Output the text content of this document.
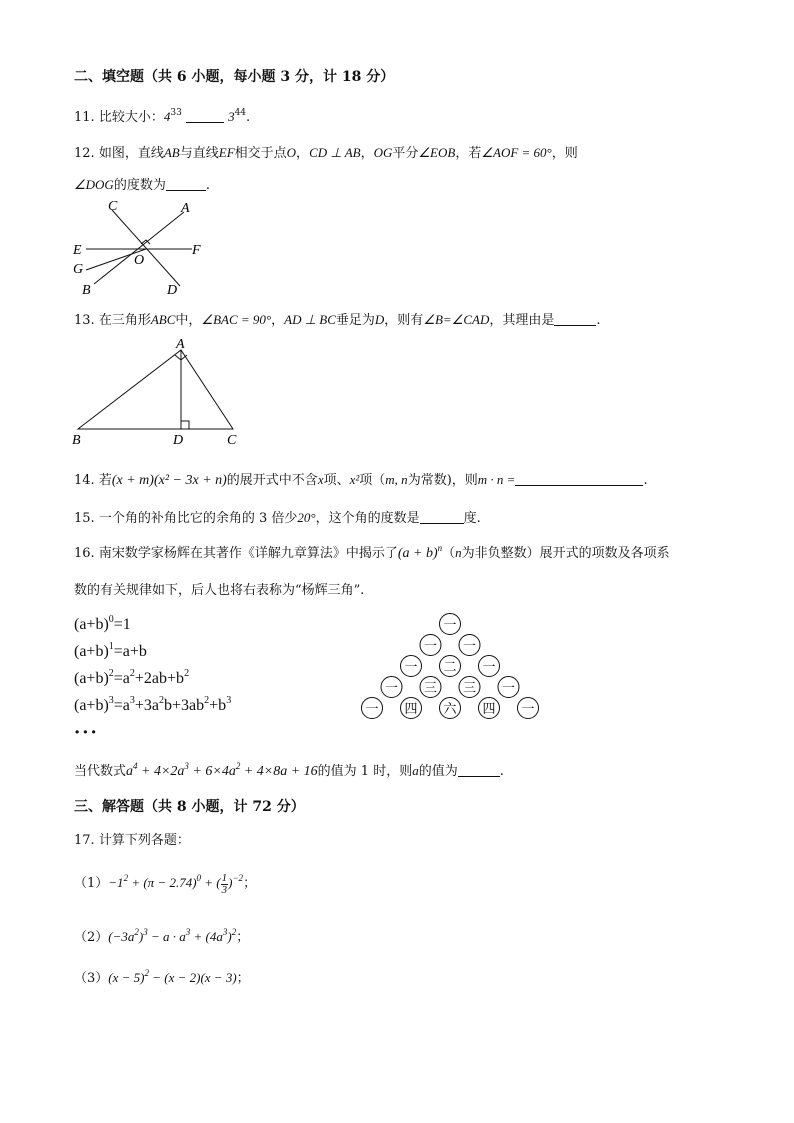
二、填空题（共 6 小题，每小题 3 分，计 18 分）
11. 比较大小：$4^{33}$	$3^{44}$.
12. 如图，直线AB与直线EF相交于点O，CD ⊥ AB，OG平分∠EOB，若∠AOF = 60°，则
∠DOG的度数为	.
C	A
E	F
G
O
B	D
13. 在三角形ABC中，∠BAC = 90°，AD ⊥ BC垂足为D，则有∠B=∠CAD，其理由是	.
A
B	D	C
14. 若(x + m)(x² − 3x + n)的展开式中不含x项、x²项（m, n为常数)，则m · n =	.
15. 一个角的补角比它的余角的 3 倍少20°，这个角的度数是	度.
16. 南宋数学家杨辉在其著作《详解九章算法》中揭示了$(a + b)^n(n$为非负整数）展开式的项数及各项系
数的有关规律如下，后人也将右表称为“杨辉三角”.
$(a+b)^0=1$
$(a+b)^1=a+b$
$(a+b)^2=a^2+2ab+b^2$
$(a+b)^3=a^3+3a^2b+3ab^2+b^3$
···
一
一 一
一 二 一
一 三 三 一
一 四 六 四 一
当代数式$a^4 + 4\times 2a^3 + 6\times 4a^2 + 4\times 8a + 16$的值为 1 时，则a的值为	.
三、解答题（共 8 小题，计 72 分）
17. 计算下列各题：
$(1)-1^2 + (\pi - 2.74)^0$ + ( $\frac{1}{3} )^{-2}$；
$(2)(-3a^2)^3 - a \cdot a^3 + (4a^3)^2$；
$(3)(x - 5)^2 - (x - 2)(x - 3)$；
